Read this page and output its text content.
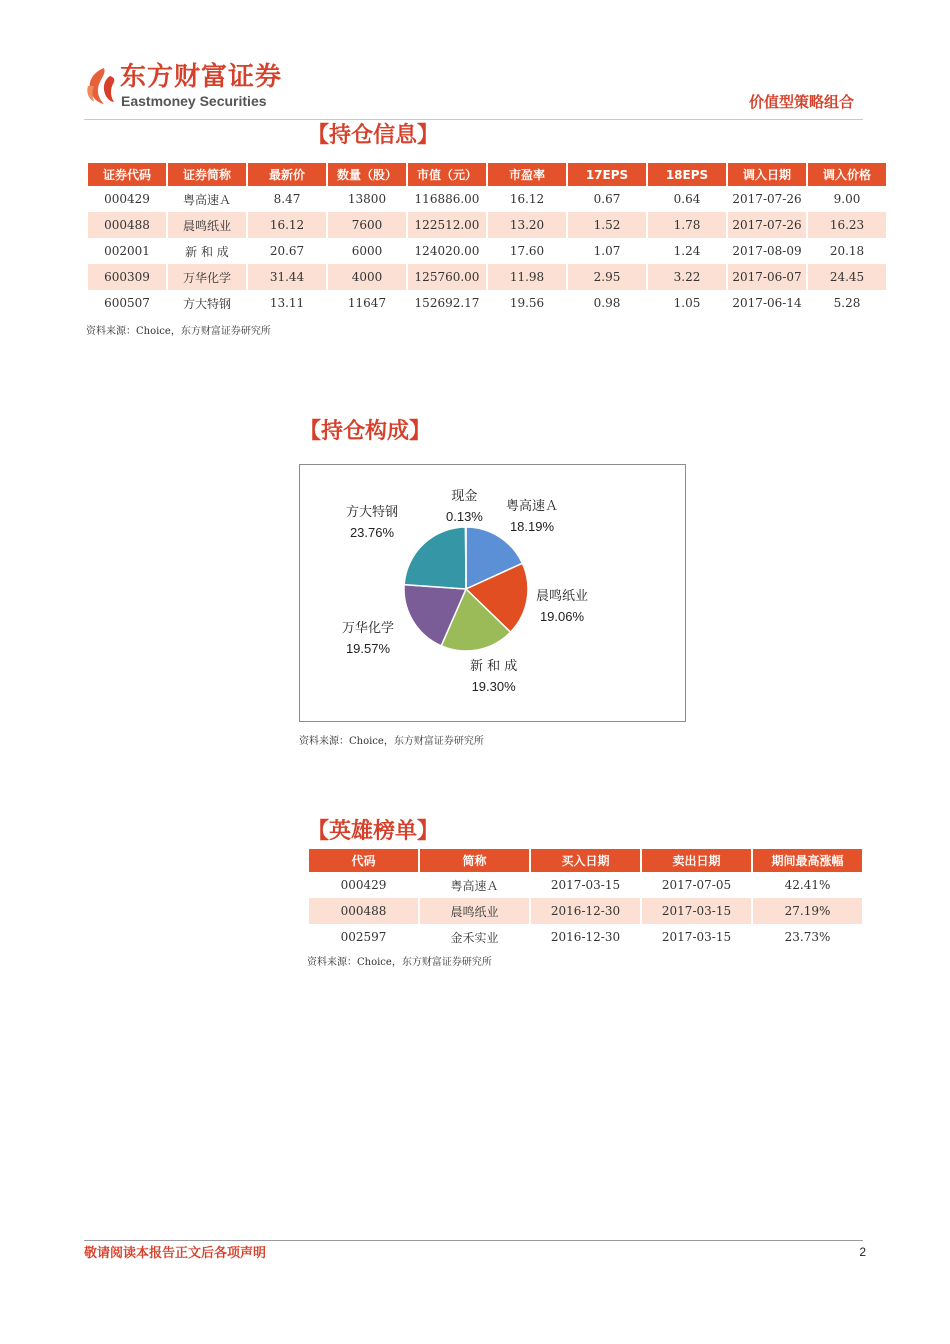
东方财富证券
Eastmoney Securities	价值型策略组合
【持仓信息】
证券代码	证券简称	最新价	数量（股）	市值（元）	市盈率	17EPS	18EPS	调入日期	调入价格
000429	粤高速Ａ	8.47	13800	116886.00	16.12	0.67	0.64	2017-07-26	9.00
000488	晨鸣纸业	16.12	7600	122512.00	13.20	1.52	1.78	2017-07-26	16.23
002001	新 和 成	20.67	6000	124020.00	17.60	1.07	1.24	2017-08-09	20.18
600309	万华化学	31.44	4000	125760.00	11.98	2.95	3.22	2017-06-07	24.45
600507	方大特钢	13.11	11647	152692.17	19.56	0.98	1.05	2017-06-14	5.28
资料来源：Choice，东方财富证券研究所
【持仓构成】
方大特钢
23.76%
现金
0.13%
粤高速Ａ
18.19%
晨鸣纸业
19.06%
新 和 成
19.30%
万华化学
19.57%
资料来源：Choice，东方财富证券研究所
【英雄榜单】
代码	简称	买入日期	卖出日期	期间最高涨幅
000429	粤高速Ａ	2017-03-15	2017-07-05	42.41%
000488	晨鸣纸业	2016-12-30	2017-03-15	27.19%
002597	金禾实业	2016-12-30	2017-03-15	23.73%
资料来源：Choice，东方财富证券研究所
敬请阅读本报告正文后各项声明	2
